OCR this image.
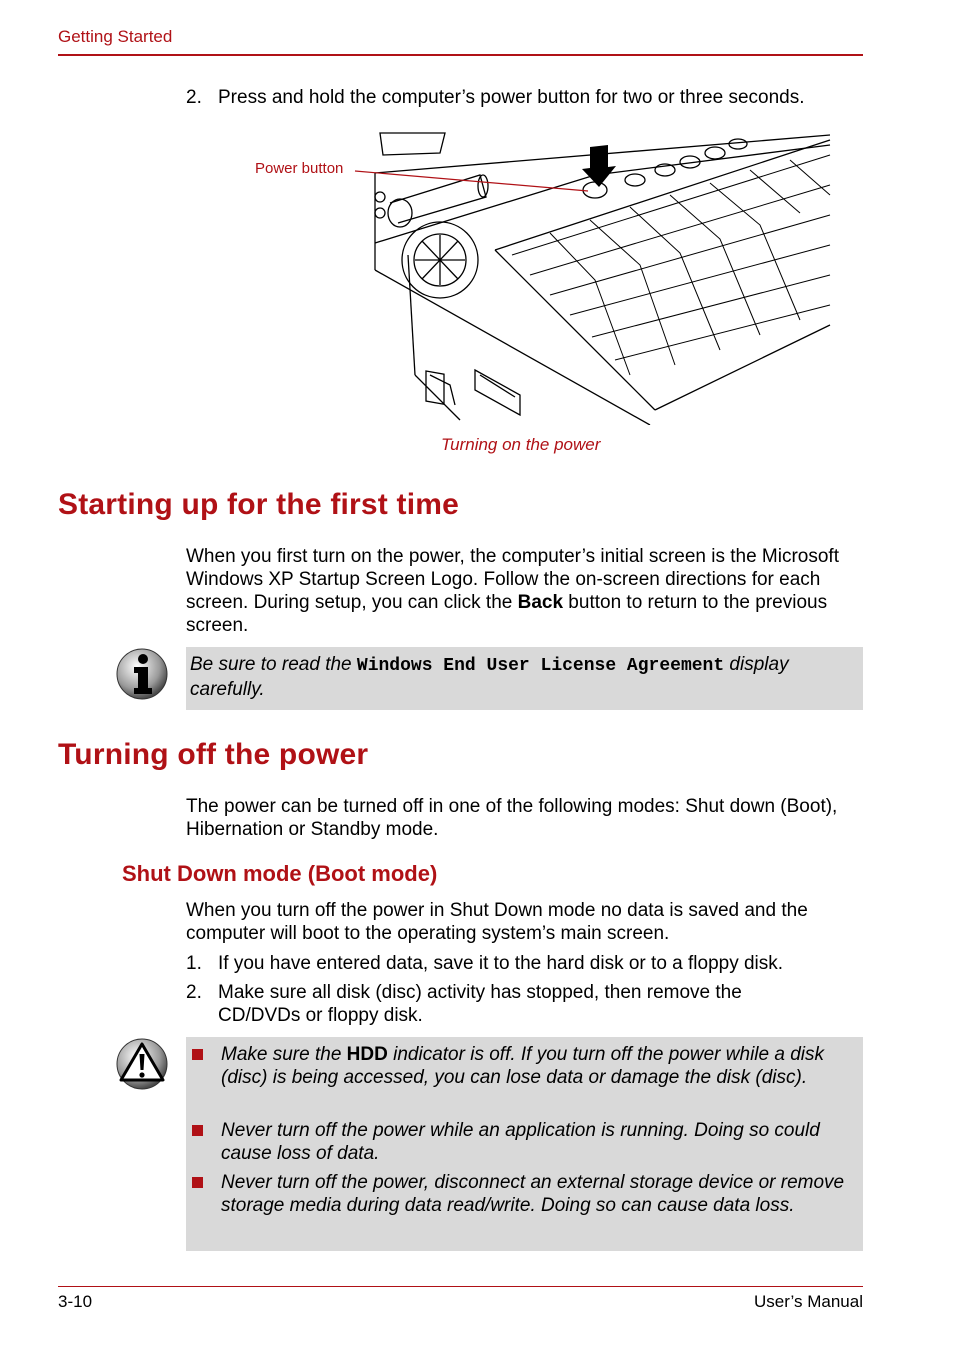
Getting Started
2. Press and hold the computer’s power button for two or three seconds.
Power button
Turning on the power
Starting up for the first time
When you first turn on the power, the computer’s initial screen is the Microsoft Windows XP Startup Screen Logo. Follow the on-screen directions for each screen. During setup, you can click the Back button to return to the previous screen.
Be sure to read the Windows End User License Agreement display carefully.
Turning off the power
The power can be turned off in one of the following modes: Shut down (Boot), Hibernation or Standby mode.
Shut Down mode (Boot mode)
When you turn off the power in Shut Down mode no data is saved and the computer will boot to the operating system’s main screen.
1. If you have entered data, save it to the hard disk or to a floppy disk.
2. Make sure all disk (disc) activity has stopped, then remove the
CD/DVDs or floppy disk.
Make sure the HDD indicator is off. If you turn off the power while a disk (disc) is being accessed, you can lose data or damage the disk (disc).
Never turn off the power while an application is running. Doing so could cause loss of data.
Never turn off the power, disconnect an external storage device or remove storage media during data read/write. Doing so can cause data loss.
3-10	User’s Manual
